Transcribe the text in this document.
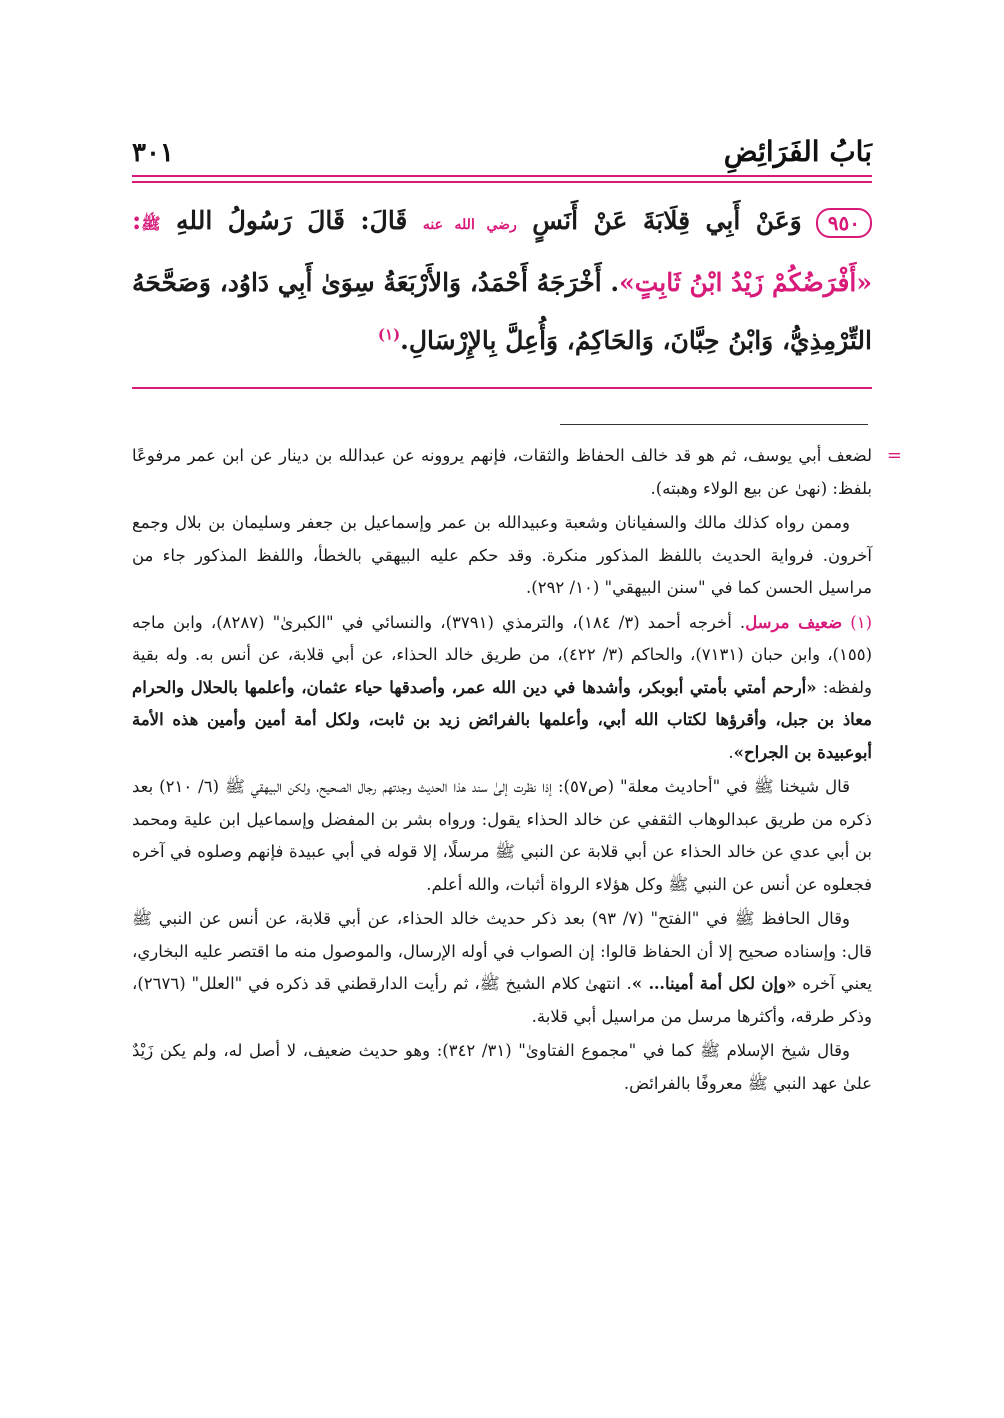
بَابُ الفَرَائِضِ
٣٠١
٩٥٠وَعَنْ أَبِي قِلَابَةَ عَنْ أَنَسٍ رضي الله عنه قَالَ: قَالَ رَسُولُ اللهِ ﷺ: «أَفْرَضُكُمْ زَيْدُ ابْنُ ثَابِتٍ». أَخْرَجَهُ أَحْمَدُ، وَالأَرْبَعَةُ سِوَىٰ أَبِي دَاوُد، وَصَحَّحَهُ التِّرْمِذِيُّ، وَابْنُ حِبَّانَ، وَالحَاكِمُ، وَأُعِلَّ بِالإِرْسَالِ.$^{(١)}$

=
لضعف أبي يوسف، ثم هو قد خالف الحفاظ والثقات، فإنهم يروونه عن عبدالله بن دينار عن ابن عمر مرفوعًا بلفظ: (نهىٰ عن بيع الولاء وهبته).

وممن رواه كذلك مالك والسفيانان وشعبة وعبيدالله بن عمر وإسماعيل بن جعفر وسليمان بن بلال وجمع آخرون. فرواية الحديث باللفظ المذكور منكرة. وقد حكم عليه البيهقي بالخطأ، واللفظ المذكور جاء من مراسيل الحسن كما في "سنن البيهقي" (١٠/ ٢٩٢).

(١) ضعيف مرسل. أخرجه أحمد (٣/ ١٨٤)، والترمذي (٣٧٩١)، والنسائي في "الكبرىٰ" (٨٢٨٧)، وابن ماجه (١٥٥)، وابن حبان (٧١٣١)، والحاكم (٣/ ٤٢٢)، من طريق خالد الحذاء، عن أبي قلابة، عن أنس به. وله بقية ولفظه: «أرحم أمتي بأمتي أبوبكر، وأشدها في دين الله عمر، وأصدقها حياء عثمان، وأعلمها بالحلال والحرام معاذ بن جبل، وأقرؤها لكتاب الله أبي، وأعلمها بالفرائض زيد بن ثابت، ولكل أمة أمين وأمين هذه الأمة أبوعبيدة بن الجراح».

قال شيخنا ﷺ في "أحاديث معلة" (ص٥٧): إذا نظرت إلىٰ سند هذا الحديث وجدتهم رجال الصحيح، ولكن البيهقي ﷺ (٦/ ٢١٠) بعد ذكره من طريق عبدالوهاب الثقفي عن خالد الحذاء يقول: ورواه بشر بن المفضل وإسماعيل ابن علية ومحمد بن أبي عدي عن خالد الحذاء عن أبي قلابة عن النبي ﷺ مرسلًا، إلا قوله في أبي عبيدة فإنهم وصلوه في آخره فجعلوه عن أنس عن النبي ﷺ وكل هؤلاء الرواة أثبات، والله أعلم.

وقال الحافظ ﷺ في "الفتح" (٧/ ٩٣) بعد ذكر حديث خالد الحذاء، عن أبي قلابة، عن أنس عن النبي ﷺ قال: وإسناده صحيح إلا أن الحفاظ قالوا: إن الصواب في أوله الإرسال، والموصول منه ما اقتصر عليه البخاري، يعني آخره «وإن لكل أمة أمينا… ». انتهىٰ كلام الشيخ ﷺ، ثم رأيت الدارقطني قد ذكره في "العلل" (٢٦٧٦)، وذكر طرقه، وأكثرها مرسل من مراسيل أبي قلابة.

وقال شيخ الإسلام ﷺ كما في "مجموع الفتاوىٰ" (٣١/ ٣٤٢): وهو حديث ضعيف، لا أصل له، ولم يكن زَيْدٌ علىٰ عهد النبي ﷺ معروفًا بالفرائض.
